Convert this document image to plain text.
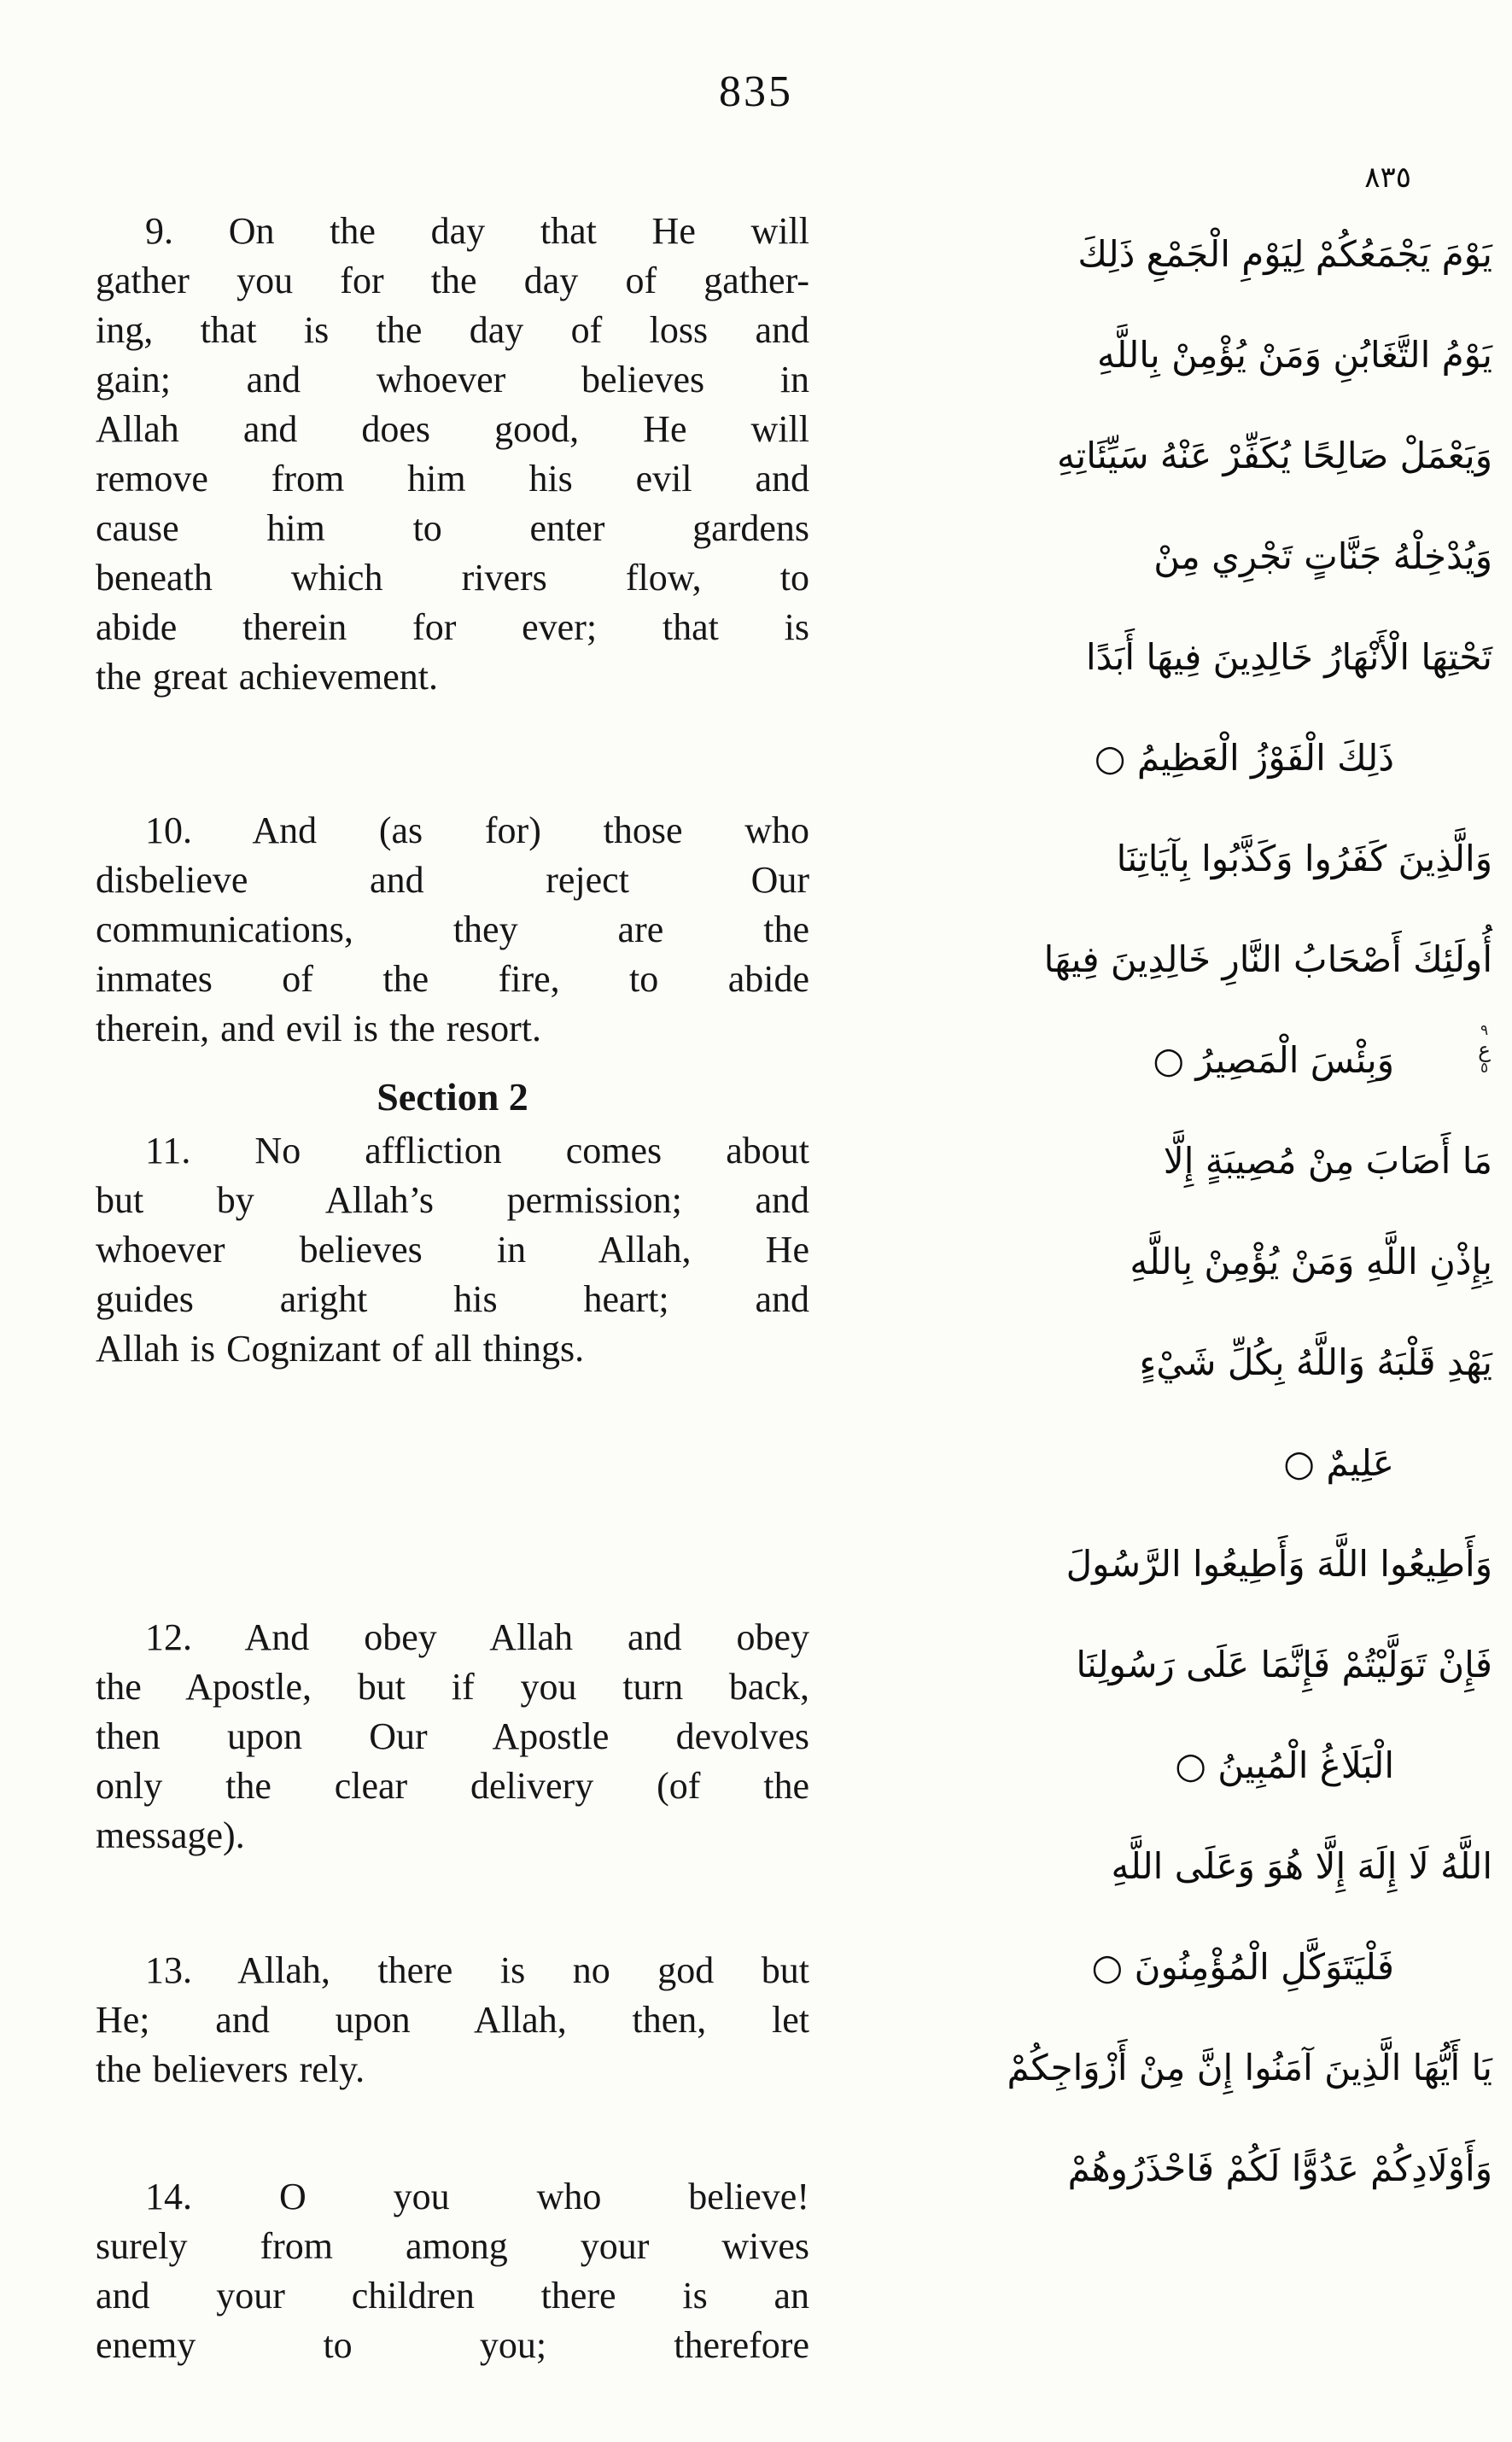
835
9. On the day that He will
gather you for the day of gather-
ing, that is the day of loss and
gain; and whoever believes in
Allah and does good, He will
remove from him his evil and
cause him to enter gardens
beneath which rivers flow, to
abide therein for ever; that is
the great achievement.
10. And (as for) those who
disbelieve and reject Our
communications, they are the
inmates of the fire, to abide
therein, and evil is the resort.
Section 2
11. No affliction comes about
but by Allah’s permission; and
whoever believes in Allah, He
guides aright his heart; and
Allah is Cognizant of all things.
12. And obey Allah and obey
the Apostle, but if you turn back,
then upon Our Apostle devolves
only the clear delivery (of the
message).
13. Allah, there is no god but
He; and upon Allah, then, let
the believers rely.
14. O you who believe!
surely from among your wives
and your children there is an
enemy to you; therefore
٨٣٥
يَوْمَ يَجْمَعُكُمْ لِيَوْمِ الْجَمْعِ ذَلِكَ
يَوْمُ التَّغَابُنِ وَمَنْ يُؤْمِنْ بِاللَّهِ
وَيَعْمَلْ صَالِحًا يُكَفِّرْ عَنْهُ سَيِّئَاتِهِ
وَيُدْخِلْهُ جَنَّاتٍ تَجْرِي مِنْ
تَحْتِهَا الْأَنْهَارُ خَالِدِينَ فِيهَا أَبَدًا
ذَلِكَ الْفَوْزُ الْعَظِيمُ ○
وَالَّذِينَ كَفَرُوا وَكَذَّبُوا بِآيَاتِنَا
أُولَئِكَ أَصْحَابُ النَّارِ خَالِدِينَ فِيهَا
وَبِئْسَ الْمَصِيرُ ○
٩
ع
٥
مَا أَصَابَ مِنْ مُصِيبَةٍ إِلَّا
بِإِذْنِ اللَّهِ وَمَنْ يُؤْمِنْ بِاللَّهِ
يَهْدِ قَلْبَهُ وَاللَّهُ بِكُلِّ شَيْءٍ
عَلِيمٌ ○
وَأَطِيعُوا اللَّهَ وَأَطِيعُوا الرَّسُولَ
فَإِنْ تَوَلَّيْتُمْ فَإِنَّمَا عَلَى رَسُولِنَا
الْبَلَاغُ الْمُبِينُ ○
اللَّهُ لَا إِلَهَ إِلَّا هُوَ وَعَلَى اللَّهِ
فَلْيَتَوَكَّلِ الْمُؤْمِنُونَ ○
يَا أَيُّهَا الَّذِينَ آمَنُوا إِنَّ مِنْ أَزْوَاجِكُمْ
وَأَوْلَادِكُمْ عَدُوًّا لَكُمْ فَاحْذَرُوهُمْ
